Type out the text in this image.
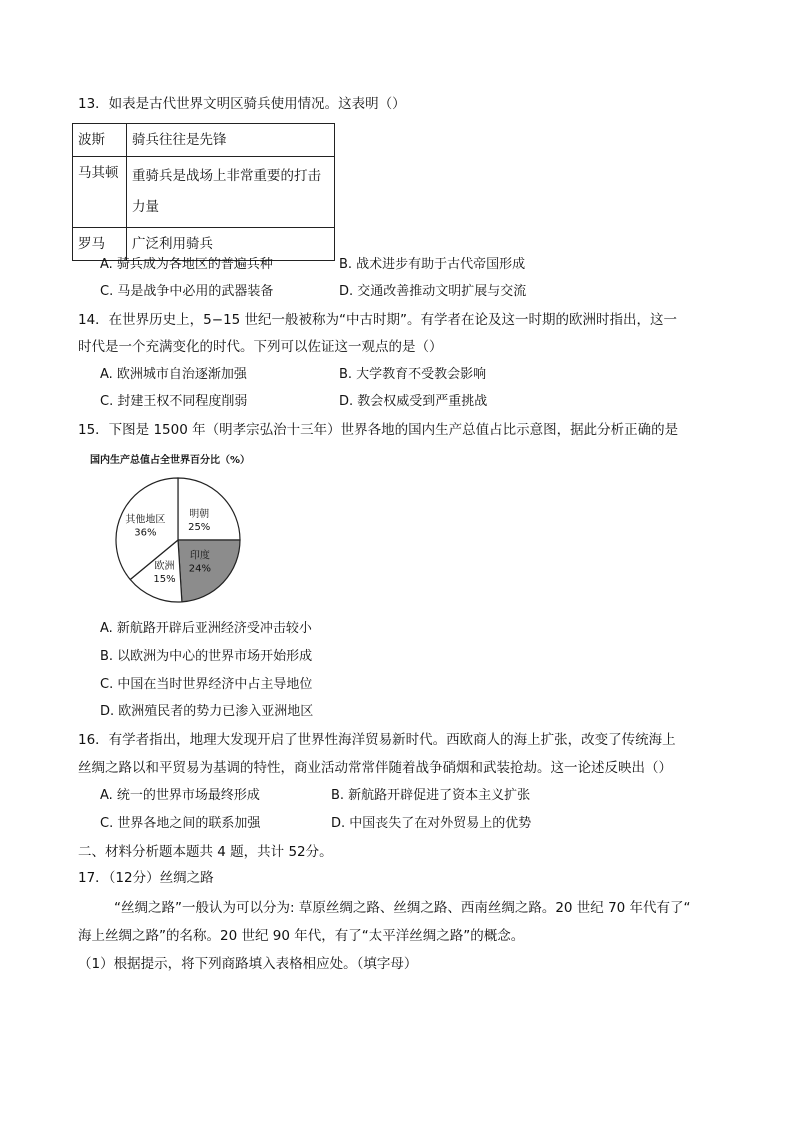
13．如表是古代世界文明区骑兵使用情况。这表明（）
波斯	骑兵往往是先锋
马其顿	重骑兵是战场上非常重要的打击力量
罗马	广泛利用骑兵
A. 骑兵成为各地区的普遍兵种	B. 战术进步有助于古代帝国形成
C. 马是战争中必用的武器装备	D. 交通改善推动文明扩展与交流
14．在世界历史上，5−15 世纪一般被称为“中古时期”。有学者在论及这一时期的欧洲时指出，这一
时代是一个充满变化的时代。下列可以佐证这一观点的是（）
A. 欧洲城市自治逐渐加强	B. 大学教育不受教会影响
C. 封建王权不同程度削弱	D. 教会权威受到严重挑战
15．下图是 1500 年（明孝宗弘治十三年）世界各地的国内生产总值占比示意图，据此分析正确的是
国内生产总值占全世界百分比（%）
明朝
25%
印度
24%
欧洲
15%
其他地区
36%
A. 新航路开辟后亚洲经济受冲击较小
B. 以欧洲为中心的世界市场开始形成
C. 中国在当时世界经济中占主导地位
D. 欧洲殖民者的势力已渗入亚洲地区
16．有学者指出，地理大发现开启了世界性海洋贸易新时代。西欧商人的海上扩张，改变了传统海上
丝绸之路以和平贸易为基调的特性，商业活动常常伴随着战争硝烟和武装抢劫。这一论述反映出（）
A. 统一的世界市场最终形成	B. 新航路开辟促进了资本主义扩张
C. 世界各地之间的联系加强	D. 中国丧失了在对外贸易上的优势
二、材料分析题本题共 4 题，共计 52分。
17．（12分）丝绸之路
“丝绸之路”一般认为可以分为: 草原丝绸之路、丝绸之路、西南丝绸之路。20 世纪 70 年代有了“
海上丝绸之路”的名称。20 世纪 90 年代，有了“太平洋丝绸之路”的概念。
（1）根据提示，将下列商路填入表格相应处。（填字母）
